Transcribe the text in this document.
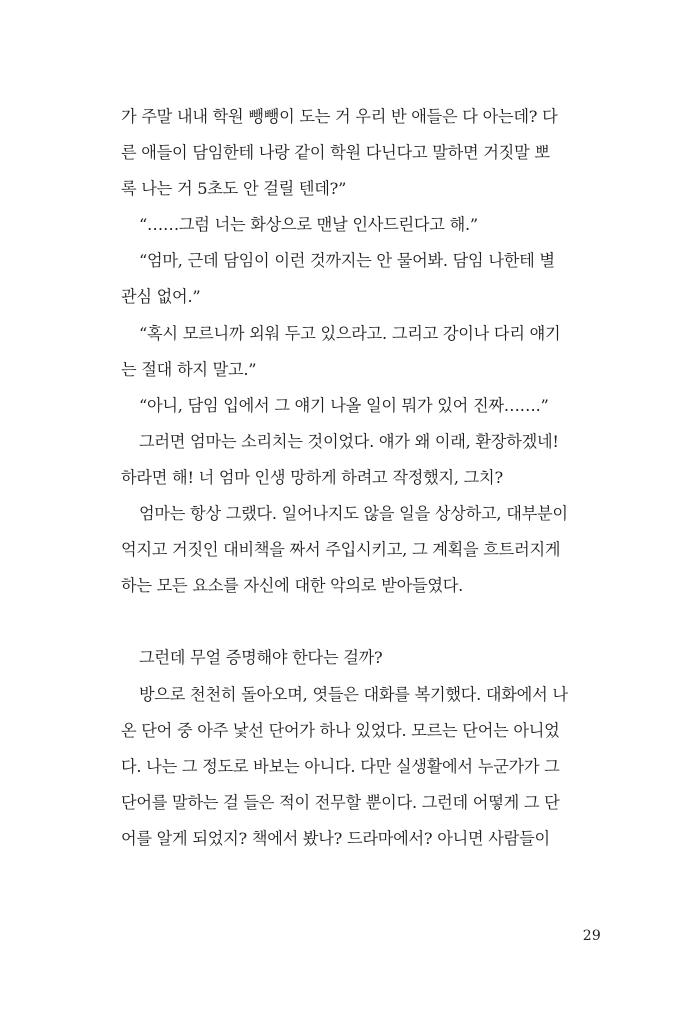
가 주말 내내 학원 뺑뺑이 도는 거 우리 반 애들은 다 아는데? 다
른 애들이 담임한테 나랑 같이 학원 다닌다고 말하면 거짓말 뽀
록 나는 거 5초도 안 걸릴 텐데?”
“……그럼 너는 화상으로 맨날 인사드린다고 해.”
“엄마, 근데 담임이 이런 것까지는 안 물어봐. 담임 나한테 별
관심 없어.”
“혹시 모르니까 외워 두고 있으라고. 그리고 강이나 다리 얘기
는 절대 하지 말고.”
“아니, 담임 입에서 그 얘기 나올 일이 뭐가 있어 진짜…….”
그러면 엄마는 소리치는 것이었다. 얘가 왜 이래, 환장하겠네!
하라면 해! 너 엄마 인생 망하게 하려고 작정했지, 그치?
엄마는 항상 그랬다. 일어나지도 않을 일을 상상하고, 대부분이
억지고 거짓인 대비책을 짜서 주입시키고, 그 계획을 흐트러지게
하는 모든 요소를 자신에 대한 악의로 받아들였다.
그런데 무얼 증명해야 한다는 걸까?
방으로 천천히 돌아오며, 엿들은 대화를 복기했다. 대화에서 나
온 단어 중 아주 낯선 단어가 하나 있었다. 모르는 단어는 아니었
다. 나는 그 정도로 바보는 아니다. 다만 실생활에서 누군가가 그
단어를 말하는 걸 들은 적이 전무할 뿐이다. 그런데 어떻게 그 단
어를 알게 되었지? 책에서 봤나? 드라마에서? 아니면 사람들이
29
